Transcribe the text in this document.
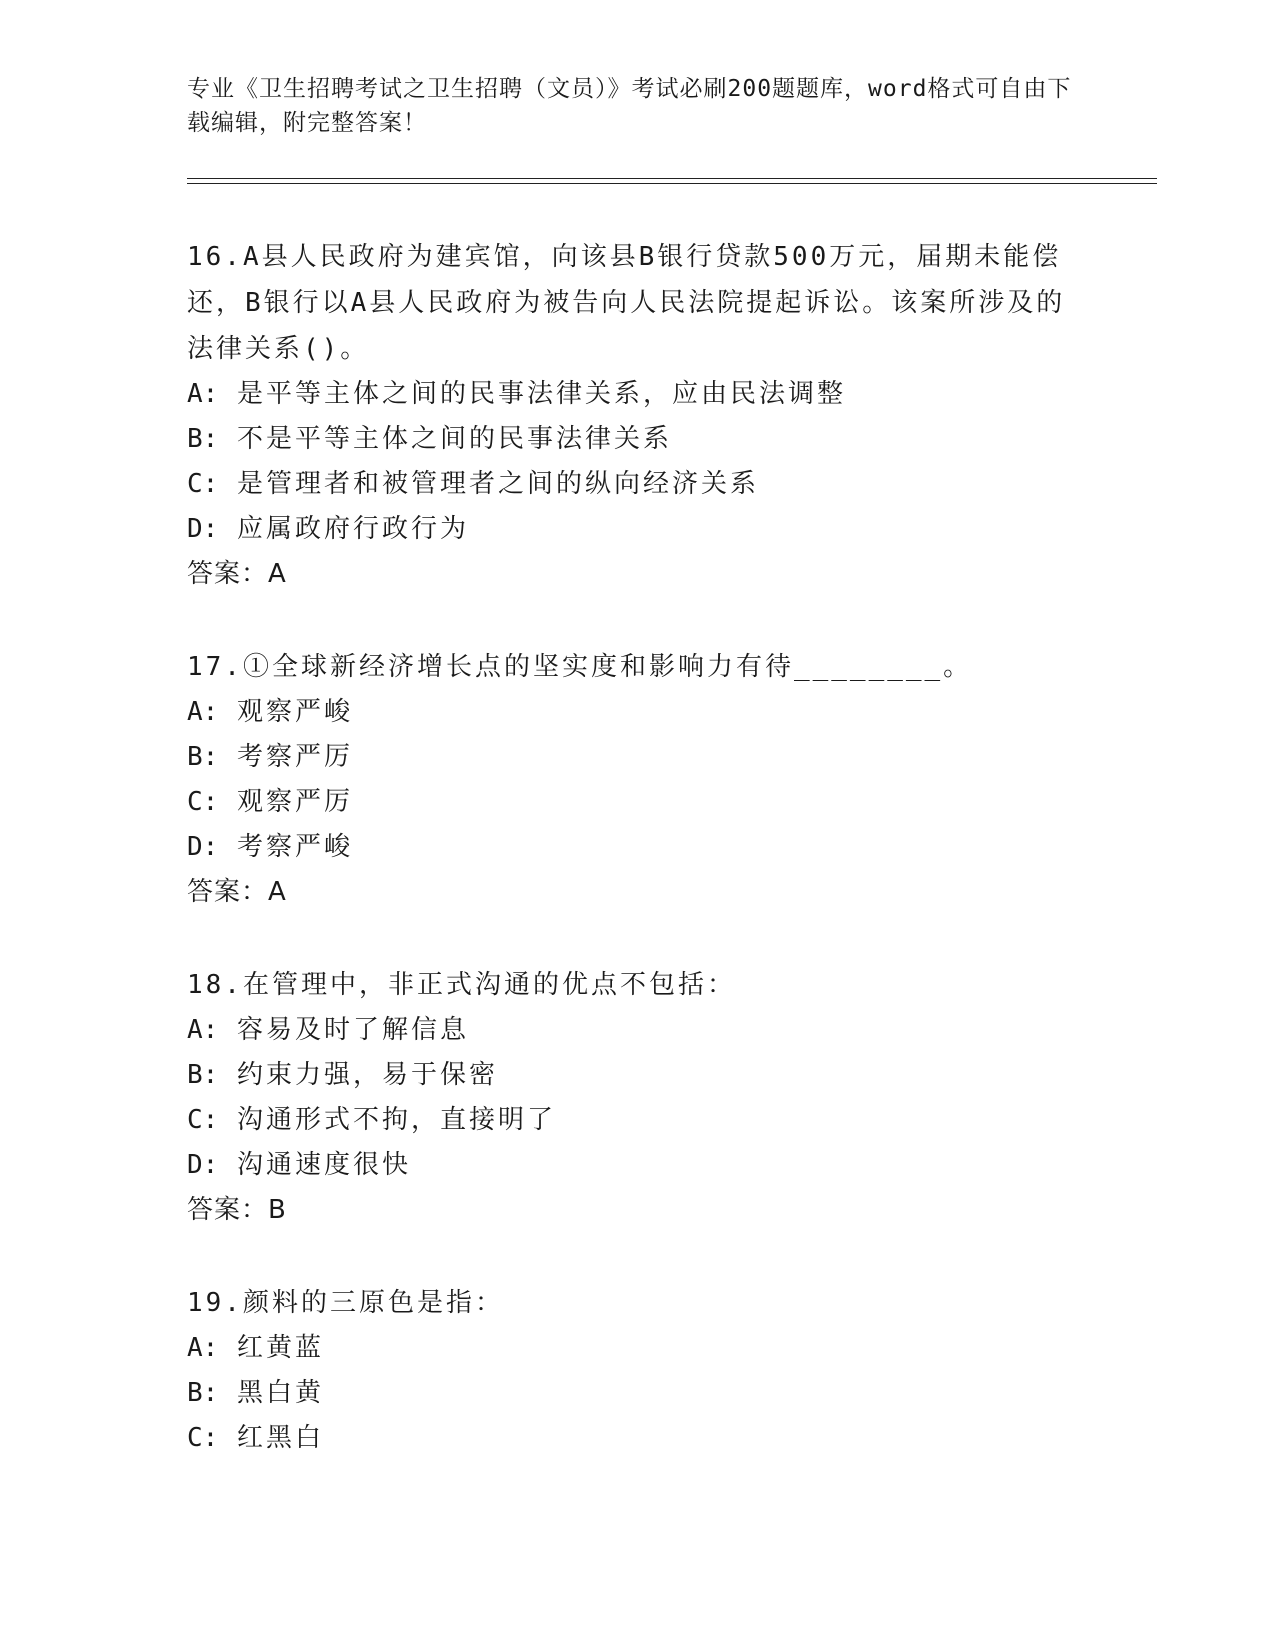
专业《卫生招聘考试之卫生招聘（文员）》考试必刷200题题库，word格式可自由下载编辑，附完整答案！
16.A县人民政府为建宾馆，向该县B银行贷款500万元，届期未能偿还，B银行以A县人民政府为被告向人民法院提起诉讼。该案所涉及的法律关系()。
A: 是平等主体之间的民事法律关系，应由民法调整
B: 不是平等主体之间的民事法律关系
C: 是管理者和被管理者之间的纵向经济关系
D: 应属政府行政行为
答案：A
17.①全球新经济增长点的坚实度和影响力有待________。
A: 观察严峻
B: 考察严厉
C: 观察严厉
D: 考察严峻
答案：A
18.在管理中，非正式沟通的优点不包括：
A: 容易及时了解信息
B: 约束力强，易于保密
C: 沟通形式不拘，直接明了
D: 沟通速度很快
答案：B
19.颜料的三原色是指：
A: 红黄蓝
B: 黑白黄
C: 红黑白
